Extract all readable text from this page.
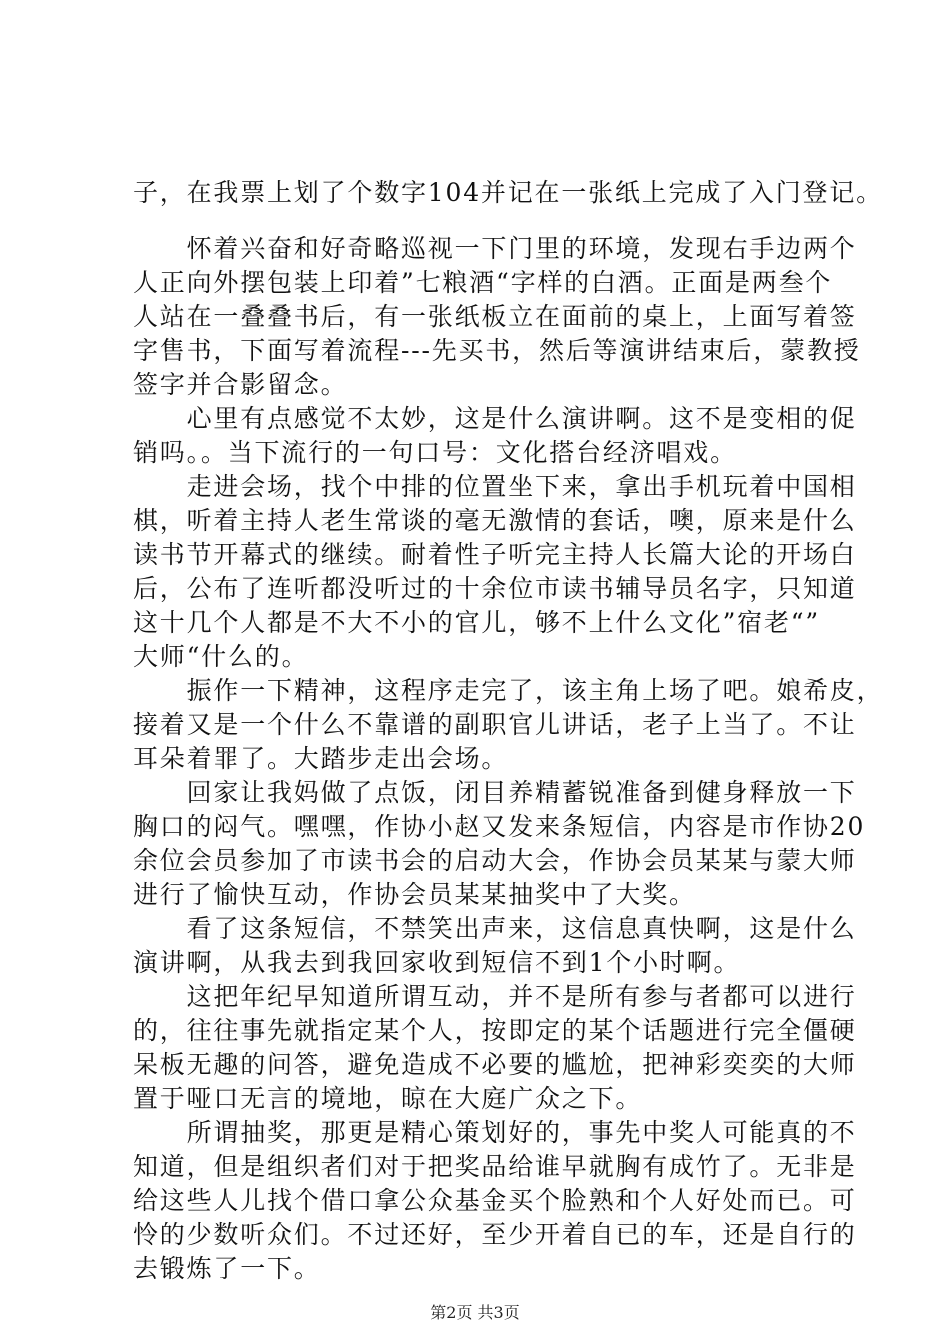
子，在我票上划了个数字104并记在一张纸上完成了入门登记。
　　怀着兴奋和好奇略巡视一下门里的环境，发现右手边两个
人正向外摆包装上印着”七粮酒“字样的白酒。正面是两叁个
人站在一叠叠书后，有一张纸板立在面前的桌上，上面写着签
字售书，下面写着流程---先买书，然后等演讲结束后，蒙教授
签字并合影留念。
　　心里有点感觉不太妙，这是什么演讲啊。这不是变相的促
销吗。。当下流行的一句口号：文化搭台经济唱戏。
　　走进会场，找个中排的位置坐下来，拿出手机玩着中国相
棋，听着主持人老生常谈的毫无激情的套话，噢，原来是什么
读书节开幕式的继续。耐着性子听完主持人长篇大论的开场白
后，公布了连听都没听过的十余位市读书辅导员名字，只知道
这十几个人都是不大不小的官儿，够不上什么文化”宿老“”
大师“什么的。
　　振作一下精神，这程序走完了，该主角上场了吧。娘希皮，
接着又是一个什么不靠谱的副职官儿讲话，老子上当了。不让
耳朵着罪了。大踏步走出会场。
　　回家让我妈做了点饭，闭目养精蓄锐准备到健身释放一下
胸口的闷气。嘿嘿，作协小赵又发来条短信，内容是市作协20
余位会员参加了市读书会的启动大会，作协会员某某与蒙大师
进行了愉快互动，作协会员某某抽奖中了大奖。
　　看了这条短信，不禁笑出声来，这信息真快啊，这是什么
演讲啊，从我去到我回家收到短信不到1个小时啊。
　　这把年纪早知道所谓互动，并不是所有参与者都可以进行
的，往往事先就指定某个人，按即定的某个话题进行完全僵硬
呆板无趣的问答，避免造成不必要的尴尬，把神彩奕奕的大师
置于哑口无言的境地，晾在大庭广众之下。
　　所谓抽奖，那更是精心策划好的，事先中奖人可能真的不
知道，但是组织者们对于把奖品给谁早就胸有成竹了。无非是
给这些人儿找个借口拿公众基金买个脸熟和个人好处而已。可
怜的少数听众们。不过还好，至少开着自已的车，还是自行的
去锻炼了一下。
第2页 共3页
